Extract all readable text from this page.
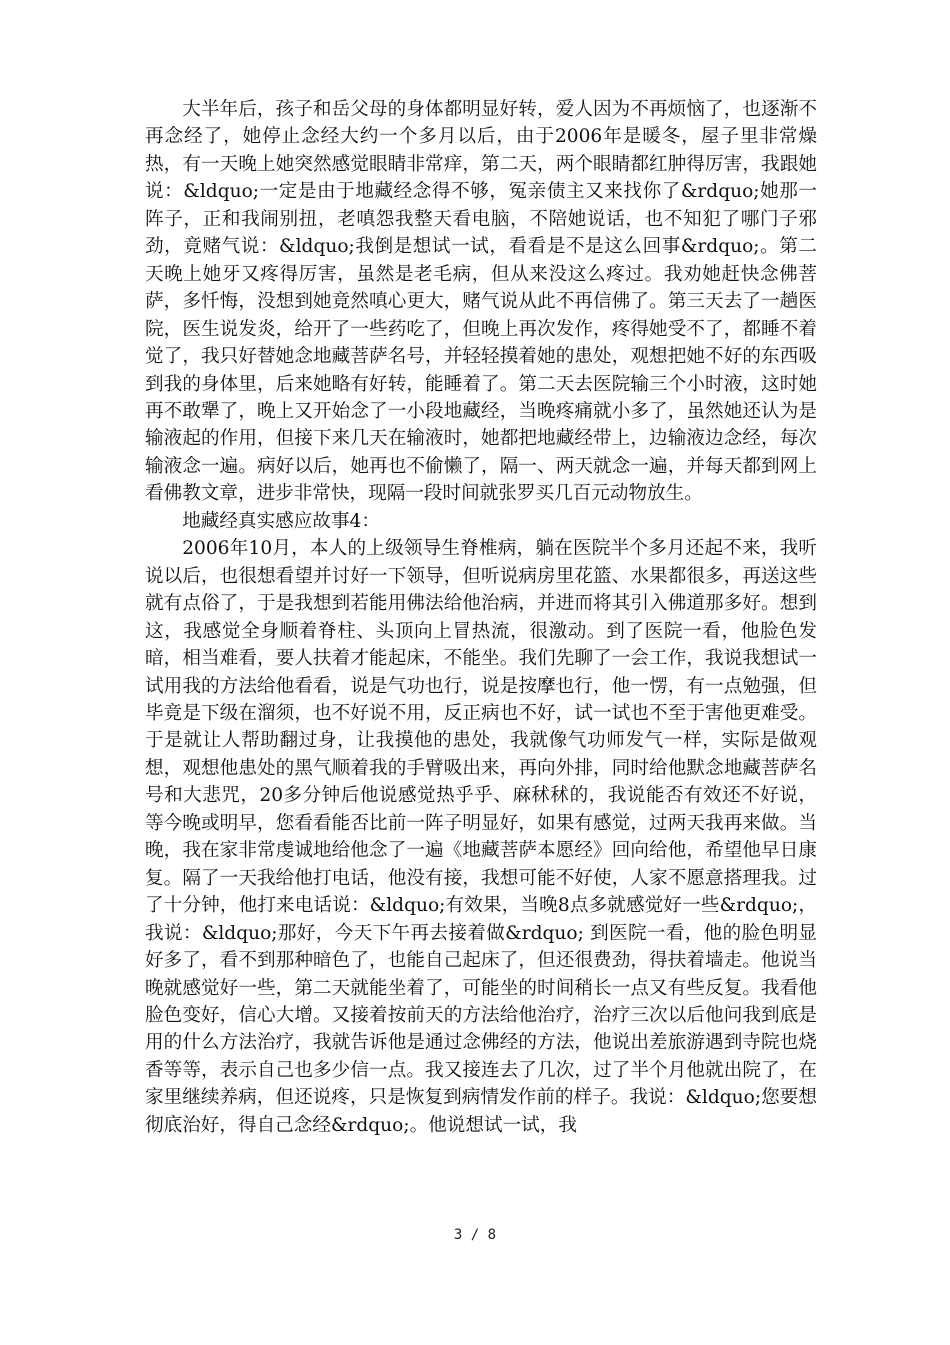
大半年后，孩子和岳父母的身体都明显好转，爱人因为不再烦恼了，也逐渐不再念经了，她停止念经大约一个多月以后，由于2006年是暖冬，屋子里非常燥热，有一天晚上她突然感觉眼睛非常痒，第二天，两个眼睛都红肿得厉害，我跟她说：&ldquo;一定是由于地藏经念得不够，冤亲债主又来找你了&rdquo;她那一阵子，正和我闹别扭，老嗔怨我整天看电脑，不陪她说话，也不知犯了哪门子邪劲，竟赌气说：&ldquo;我倒是想试一试，看看是不是这么回事&rdquo;。第二天晚上她牙又疼得厉害，虽然是老毛病，但从来没这么疼过。我劝她赶快念佛菩萨，多忏悔，没想到她竟然嗔心更大，赌气说从此不再信佛了。第三天去了一趟医院，医生说发炎，给开了一些药吃了，但晚上再次发作，疼得她受不了，都睡不着觉了，我只好替她念地藏菩萨名号，并轻轻摸着她的患处，观想把她不好的东西吸到我的身体里，后来她略有好转，能睡着了。第二天去医院输三个小时液，这时她再不敢犟了，晚上又开始念了一小段地藏经，当晚疼痛就小多了，虽然她还认为是输液起的作用，但接下来几天在输液时，她都把地藏经带上，边输液边念经，每次输液念一遍。病好以后，她再也不偷懒了，隔一、两天就念一遍，并每天都到网上看佛教文章，进步非常快，现隔一段时间就张罗买几百元动物放生。

地藏经真实感应故事4：

2006年10月，本人的上级领导生脊椎病，躺在医院半个多月还起不来，我听说以后，也很想看望并讨好一下领导，但听说病房里花篮、水果都很多，再送这些就有点俗了，于是我想到若能用佛法给他治病，并进而将其引入佛道那多好。想到这，我感觉全身顺着脊柱、头顶向上冒热流，很激动。到了医院一看，他脸色发暗，相当难看，要人扶着才能起床，不能坐。我们先聊了一会工作，我说我想试一试用我的方法给他看看，说是气功也行，说是按摩也行，他一愣，有一点勉强，但毕竟是下级在溜须，也不好说不用，反正病也不好，试一试也不至于害他更难受。于是就让人帮助翻过身，让我摸他的患处，我就像气功师发气一样，实际是做观想，观想他患处的黑气顺着我的手臂吸出来，再向外排，同时给他默念地藏菩萨名号和大悲咒，20多分钟后他说感觉热乎乎、麻秫秫的，我说能否有效还不好说，等今晚或明早，您看看能否比前一阵子明显好，如果有感觉，过两天我再来做。当晚，我在家非常虔诚地给他念了一遍《地藏菩萨本愿经》回向给他，希望他早日康复。隔了一天我给他打电话，他没有接，我想可能不好使，人家不愿意搭理我。过了十分钟，他打来电话说：&ldquo;有效果，当晚8点多就感觉好一些&rdquo;，我说：&ldquo;那好，今天下午再去接着做&rdquo; 到医院一看，他的脸色明显好多了，看不到那种暗色了，也能自己起床了，但还很费劲，得扶着墙走。他说当晚就感觉好一些，第二天就能坐着了，可能坐的时间稍长一点又有些反复。我看他脸色变好，信心大增。又接着按前天的方法给他治疗，治疗三次以后他问我到底是用的什么方法治疗，我就告诉他是通过念佛经的方法，他说出差旅游遇到寺院也烧香等等，表示自己也多少信一点。我又接连去了几次，过了半个月他就出院了，在家里继续养病，但还说疼，只是恢复到病情发作前的样子。我说：&ldquo;您要想彻底治好，得自己念经&rdquo;。他说想试一试，我

3 / 8
